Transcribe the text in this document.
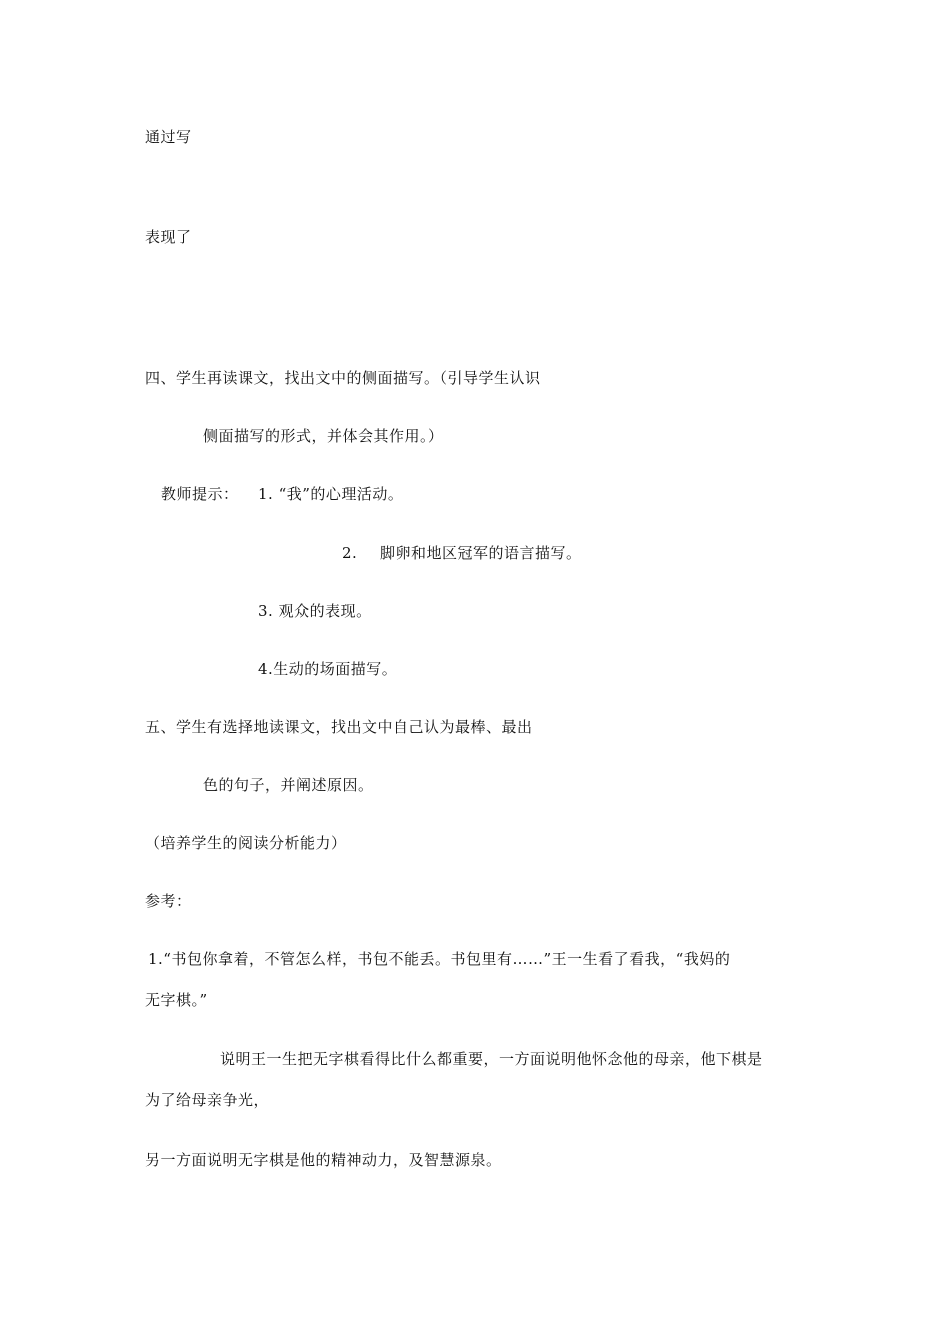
通过写
表现了
四、学生再读课文，找出文中的侧面描写。（引导学生认识
侧面描写的形式，并体会其作用。）
教师提示： 1. “我”的心理活动。
2. 脚卵和地区冠军的语言描写。
3. 观众的表现。
4.生动的场面描写。
五、学生有选择地读课文，找出文中自己认为最棒、最出
色的句子，并阐述原因。
（培养学生的阅读分析能力）
参考：
1.“书包你拿着，不管怎么样，书包不能丢。书包里有……”王一生看了看我，“我妈的
无字棋。”
说明王一生把无字棋看得比什么都重要，一方面说明他怀念他的母亲，他下棋是
为了给母亲争光，
另一方面说明无字棋是他的精神动力，及智慧源泉。
